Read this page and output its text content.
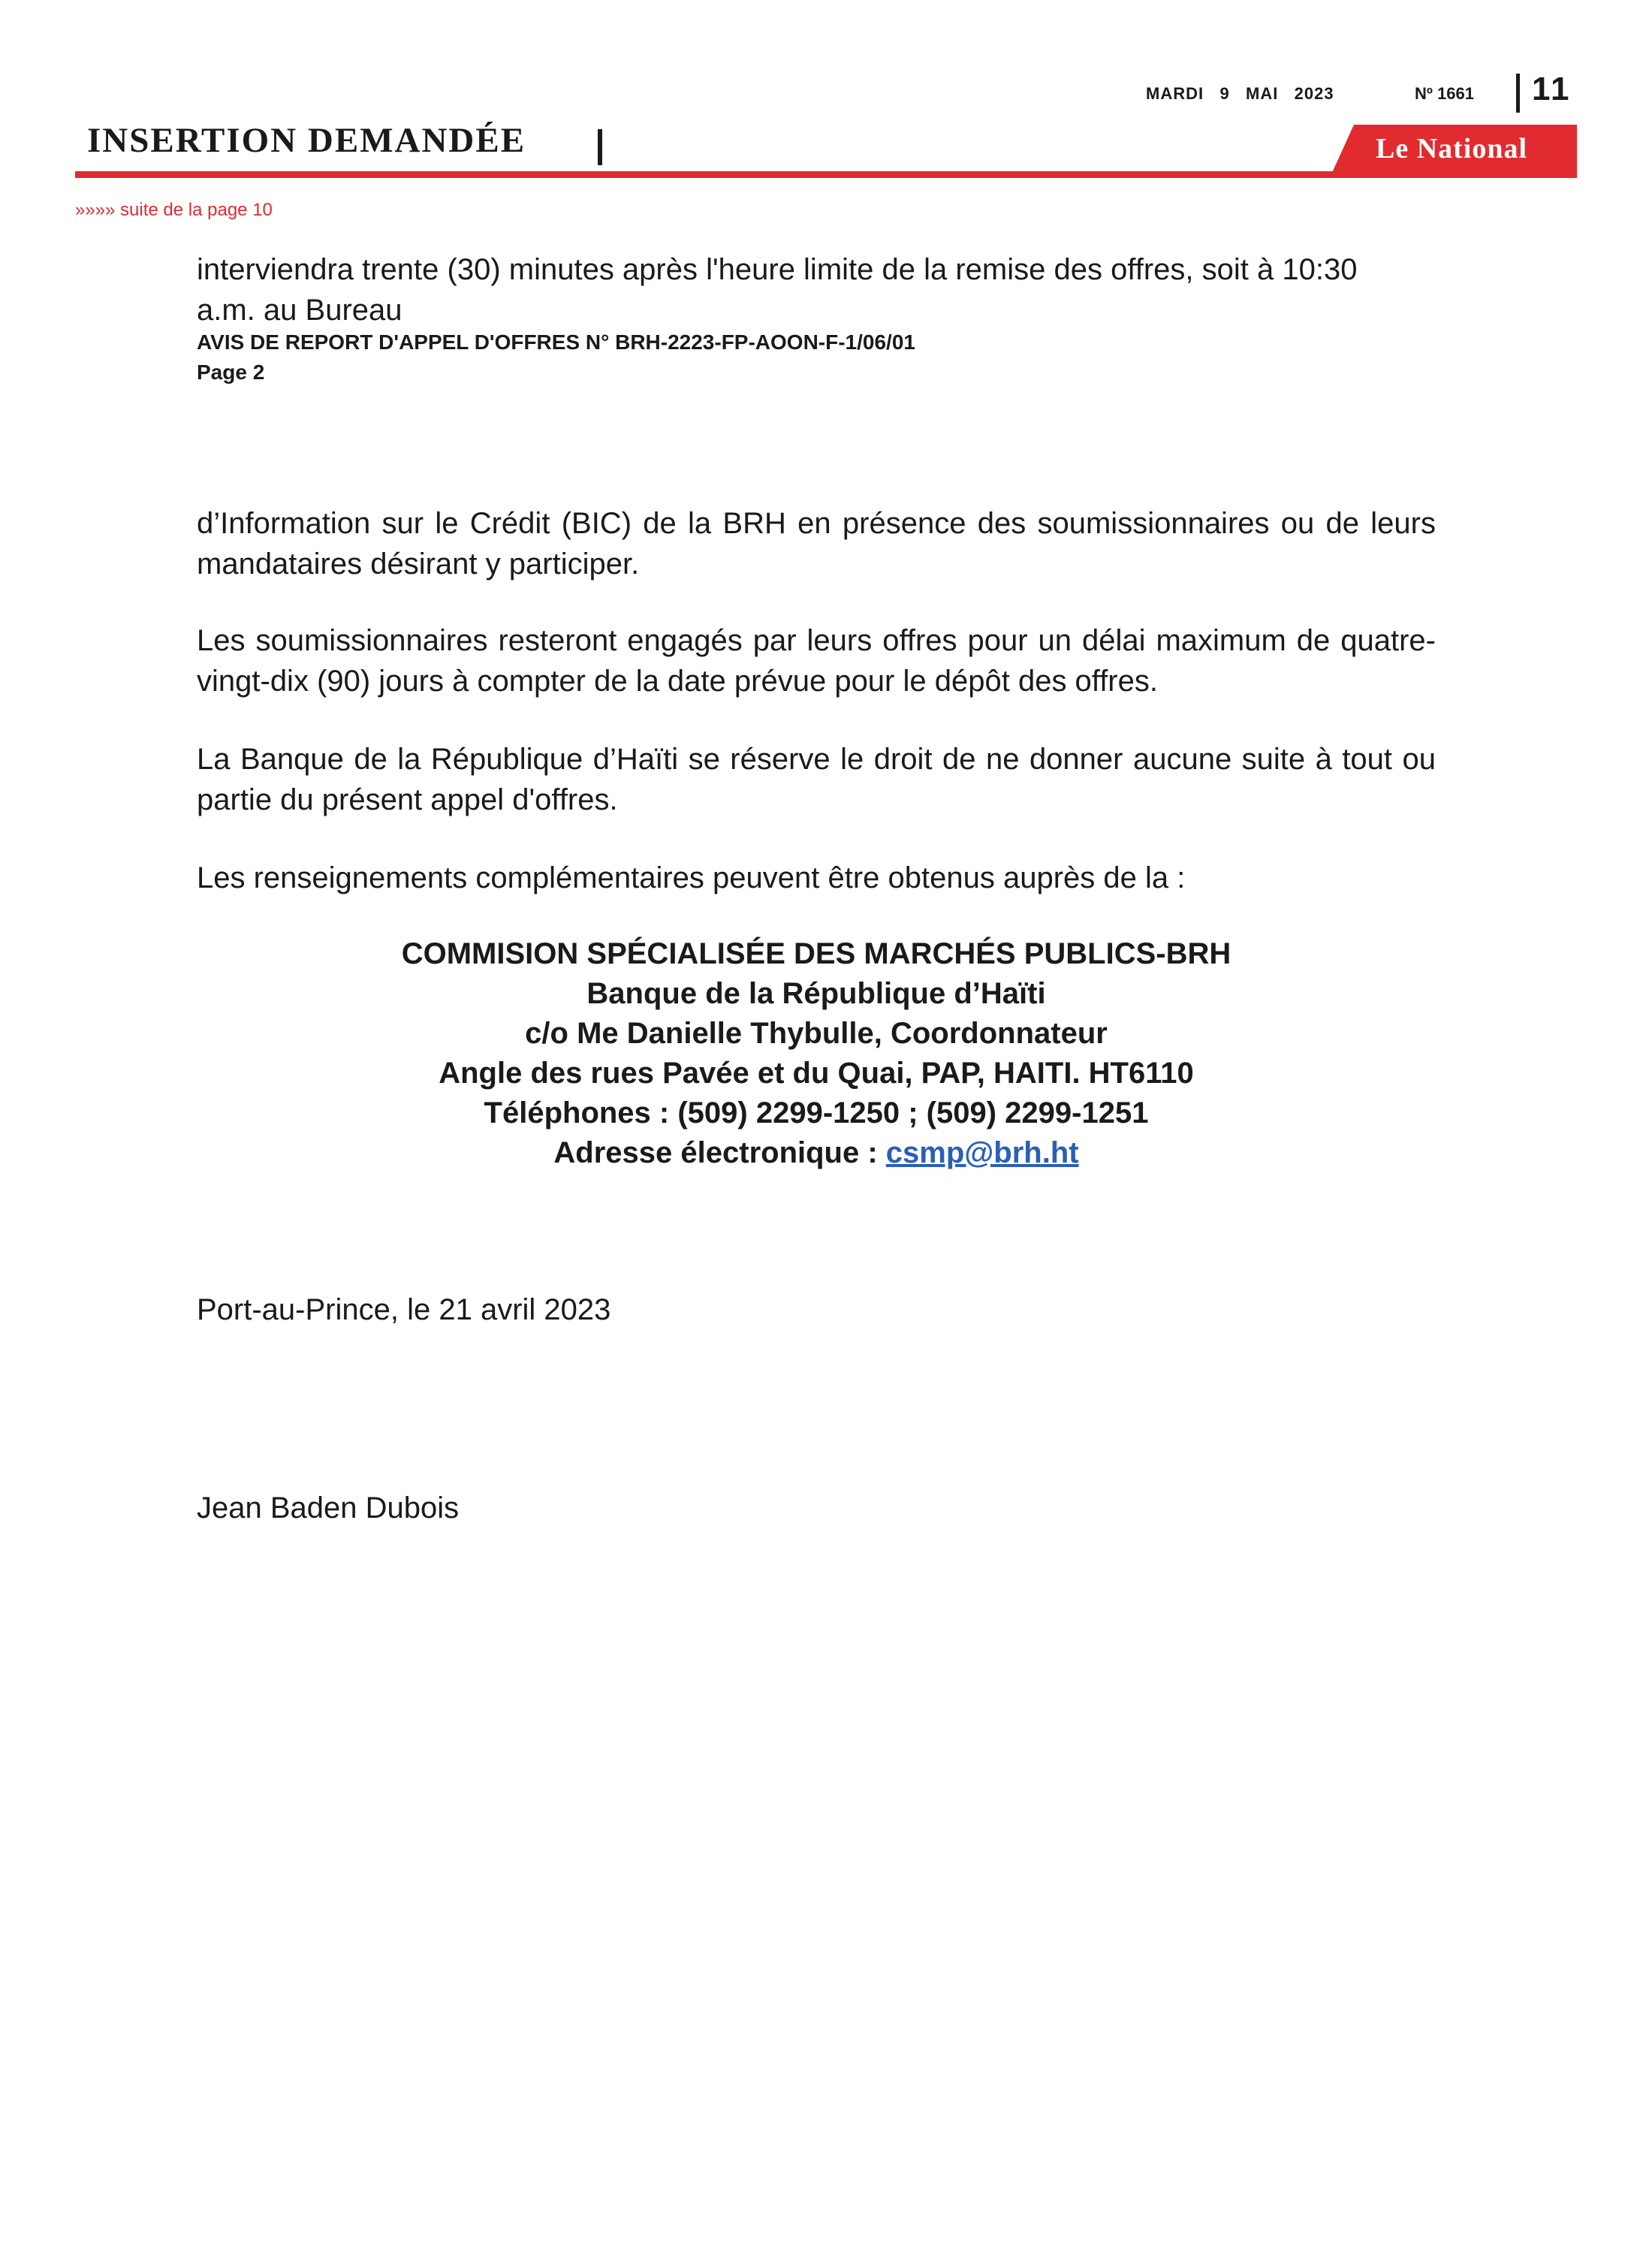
MARDI   9   MAI   2023	Nº 1661 11
INSERTION DEMANDÉE	Le National
»»»» suite de la page 10
interviendra trente (30) minutes après l'heure limite de la remise des offres, soit à 10:30
a.m. au Bureau
AVIS DE REPORT D'APPEL D'OFFRES N° BRH-2223-FP-AOON-F-1/06/01
Page 2
d’Information sur le Crédit (BIC) de la BRH en présence des soumissionnaires ou de leurs mandataires désirant y participer.
Les soumissionnaires resteront engagés par leurs offres pour un délai maximum de quatre-vingt-dix (90) jours à compter de la date prévue pour le dépôt des offres.
La Banque de la République d’Haïti se réserve le droit de ne donner aucune suite à tout ou partie du présent appel d'offres.
Les renseignements complémentaires peuvent être obtenus auprès de la :
COMMISION SPÉCIALISÉE DES MARCHÉS PUBLICS-BRH
Banque de la République d’Haïti
c/o Me Danielle Thybulle, Coordonnateur
Angle des rues Pavée et du Quai, PAP, HAITI. HT6110
Téléphones : (509) 2299-1250 ; (509) 2299-1251
Adresse électronique : csmp@brh.ht
Port-au-Prince, le 21 avril 2023
Jean Baden Dubois
